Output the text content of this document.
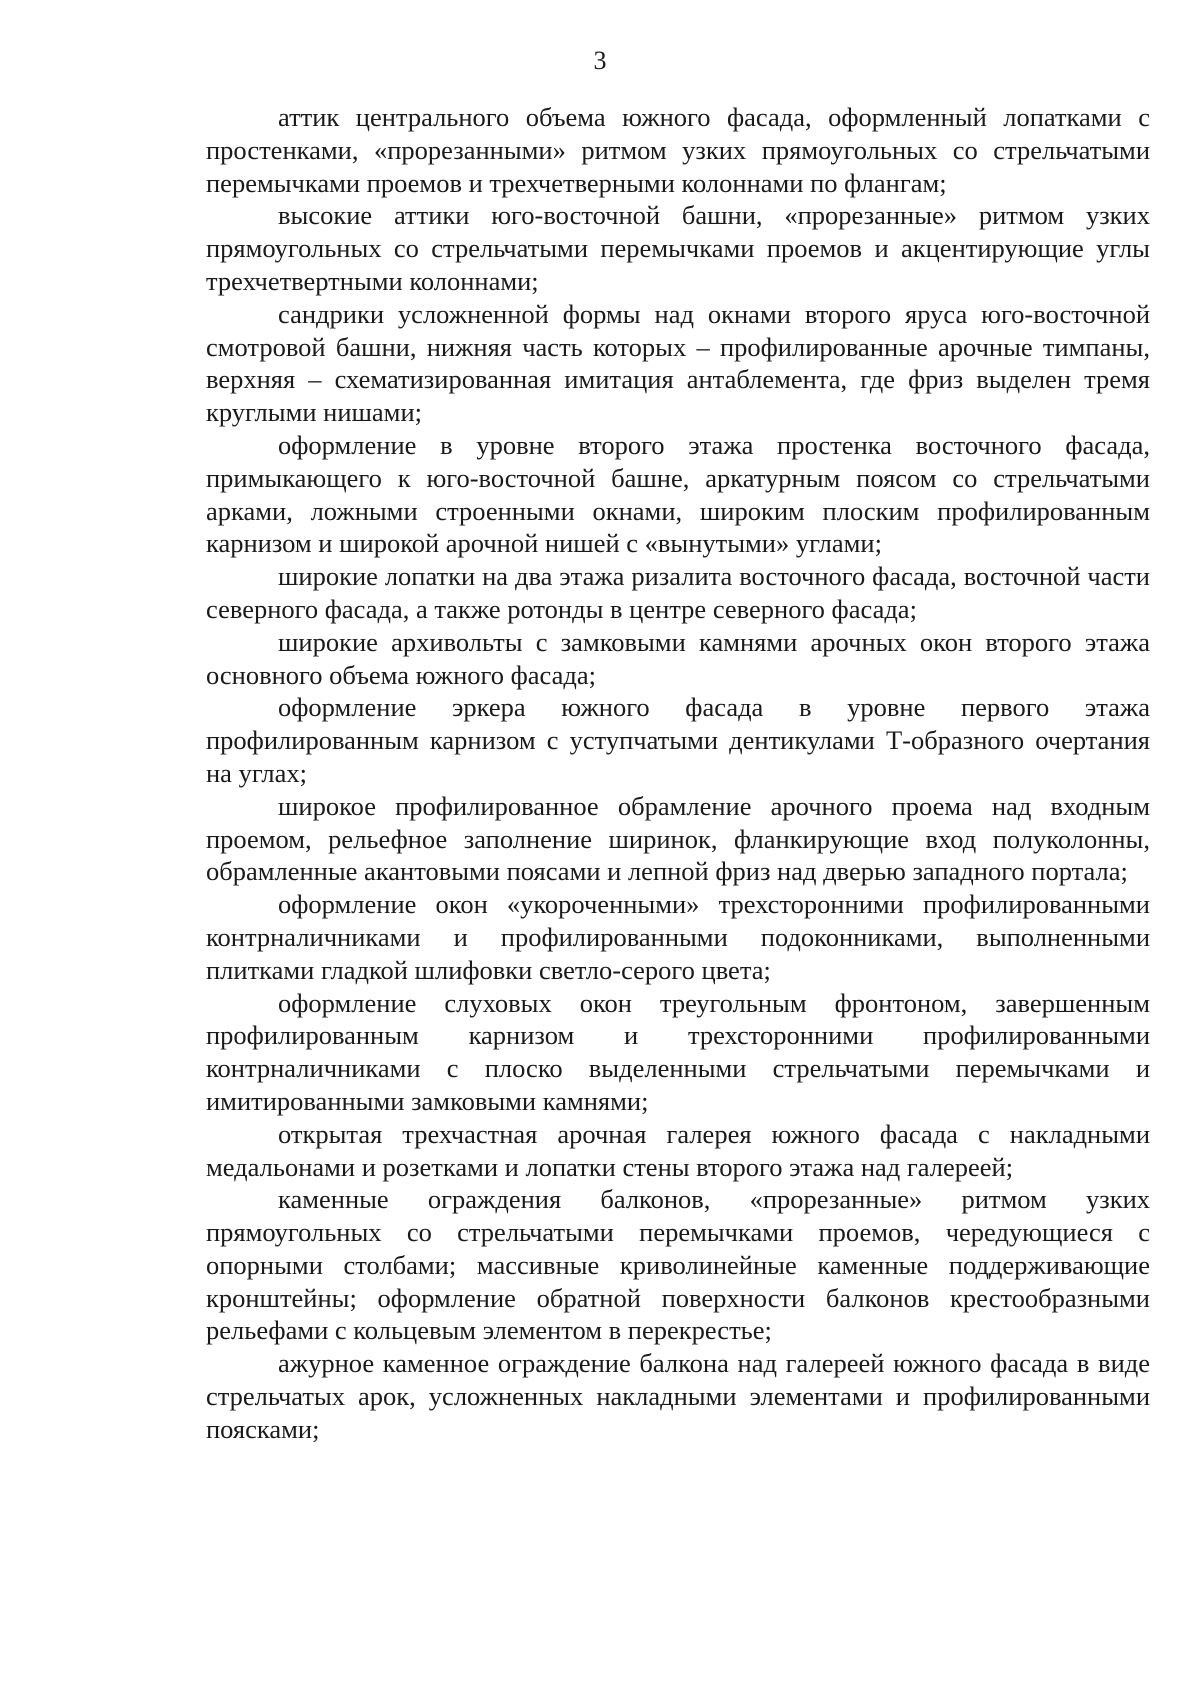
3

аттик центрального объема южного фасада, оформленный лопатками с простенками, «прорезанными» ритмом узких прямоугольных со стрельчатыми перемычками проемов и трехчетверными колоннами по флангам;

высокие аттики юго-восточной башни, «прорезанные» ритмом узких прямоугольных со стрельчатыми перемычками проемов и акцентирующие углы трехчетвертными колоннами;

сандрики усложненной формы над окнами второго яруса юго-восточной смотровой башни, нижняя часть которых – профилированные арочные тимпаны, верхняя – схематизированная имитация антаблемента, где фриз выделен тремя круглыми нишами;

оформление в уровне второго этажа простенка восточного фасада, примыкающего к юго-восточной башне, аркатурным поясом со стрельчатыми арками, ложными строенными окнами, широким плоским профилированным карнизом и широкой арочной нишей с «вынутыми» углами;

широкие лопатки на два этажа ризалита восточного фасада, восточной части северного фасада, а также ротонды в центре северного фасада;

широкие архивольты с замковыми камнями арочных окон второго этажа основного объема южного фасада;

оформление эркера южного фасада в уровне первого этажа профилированным карнизом с уступчатыми дентикулами Т-образного очертания на углах;

широкое профилированное обрамление арочного проема над входным проемом, рельефное заполнение ширинок, фланкирующие вход полуколонны, обрамленные акантовыми поясами и лепной фриз над дверью западного портала;

оформление окон «укороченными» трехсторонними профилированными контрналичниками и профилированными подоконниками, выполненными плитками гладкой шлифовки светло-серого цвета;

оформление слуховых окон треугольным фронтоном, завершенным профилированным карнизом и трехсторонними профилированными контрналичниками с плоско выделенными стрельчатыми перемычками и имитированными замковыми камнями;

открытая трехчастная арочная галерея южного фасада с накладными медальонами и розетками и лопатки стены второго этажа над галереей;

каменные ограждения балконов, «прорезанные» ритмом узких прямоугольных со стрельчатыми перемычками проемов, чередующиеся с опорными столбами; массивные криволинейные каменные поддерживающие кронштейны; оформление обратной поверхности балконов крестообразными рельефами с кольцевым элементом в перекрестье;

ажурное каменное ограждение балкона над галереей южного фасада в виде стрельчатых арок, усложненных накладными элементами и профилированными поясками;
